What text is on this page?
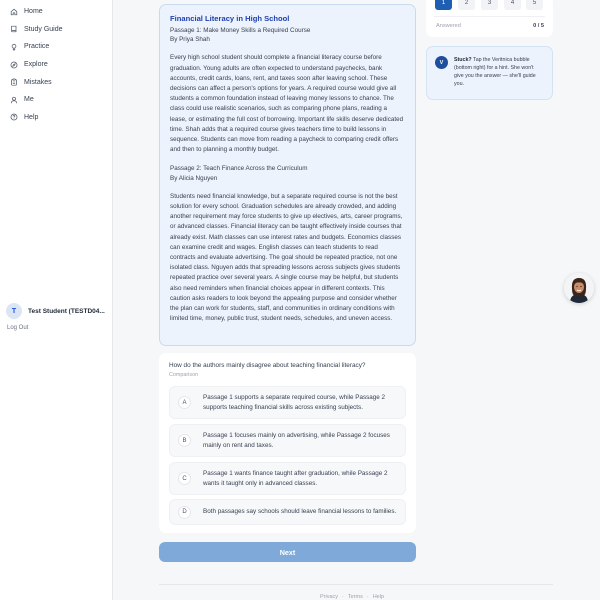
Home
Study Guide
Practice
Explore
Mistakes
Me
Help
T	Test Student (TESTD04...
Log Out
Financial Literacy in High School
Passage 1: Make Money Skills a Required Course
By Priya Shah
Every high school student should complete a financial literacy course before graduation. Young adults are often expected to understand paychecks, bank accounts, credit cards, loans, rent, and taxes soon after leaving school. These decisions can affect a person's options for years. A required course would give all students a common foundation instead of leaving money lessons to chance. The class could use realistic scenarios, such as comparing phone plans, reading a lease, or estimating the full cost of borrowing. Important life skills deserve dedicated time. Shah adds that a required course gives teachers time to build lessons in sequence. Students can move from reading a paycheck to comparing credit offers and then to planning a monthly budget.
Passage 2: Teach Finance Across the Curriculum
By Alicia Nguyen
Students need financial knowledge, but a separate required course is not the best solution for every school. Graduation schedules are already crowded, and adding another requirement may force students to give up electives, arts, career programs, or advanced classes. Financial literacy can be taught effectively inside courses that already exist. Math classes can use interest rates and budgets. Economics classes can examine credit and wages. English classes can teach students to read contracts and evaluate advertising. The goal should be repeated practice, not one isolated class. Nguyen adds that spreading lessons across subjects gives students repeated practice over several years. A single course may be helpful, but students also need reminders when financial choices appear in different contexts. This caution asks readers to look beyond the appealing purpose and consider whether the plan can work for students, staff, and communities in ordinary conditions with limited time, money, public trust, student needs, schedules, and uneven access.
How do the authors mainly disagree about teaching financial literacy?
Comparison
A
Passage 1 supports a separate required course, while Passage 2 supports teaching financial skills across existing subjects.
B
Passage 1 focuses mainly on advertising, while Passage 2 focuses mainly on rent and taxes.
C
Passage 1 wants finance taught after graduation, while Passage 2 wants it taught only in advanced classes.
D	Both passages say schools should leave financial lessons to families.
Next
Privacy · Terms · Help
1	2	3	4	5
Answered	0 / 5
V	Stuck? Tap the Veritnica bubble (bottom right) for a hint. She won't give you the answer — she'll guide you.
